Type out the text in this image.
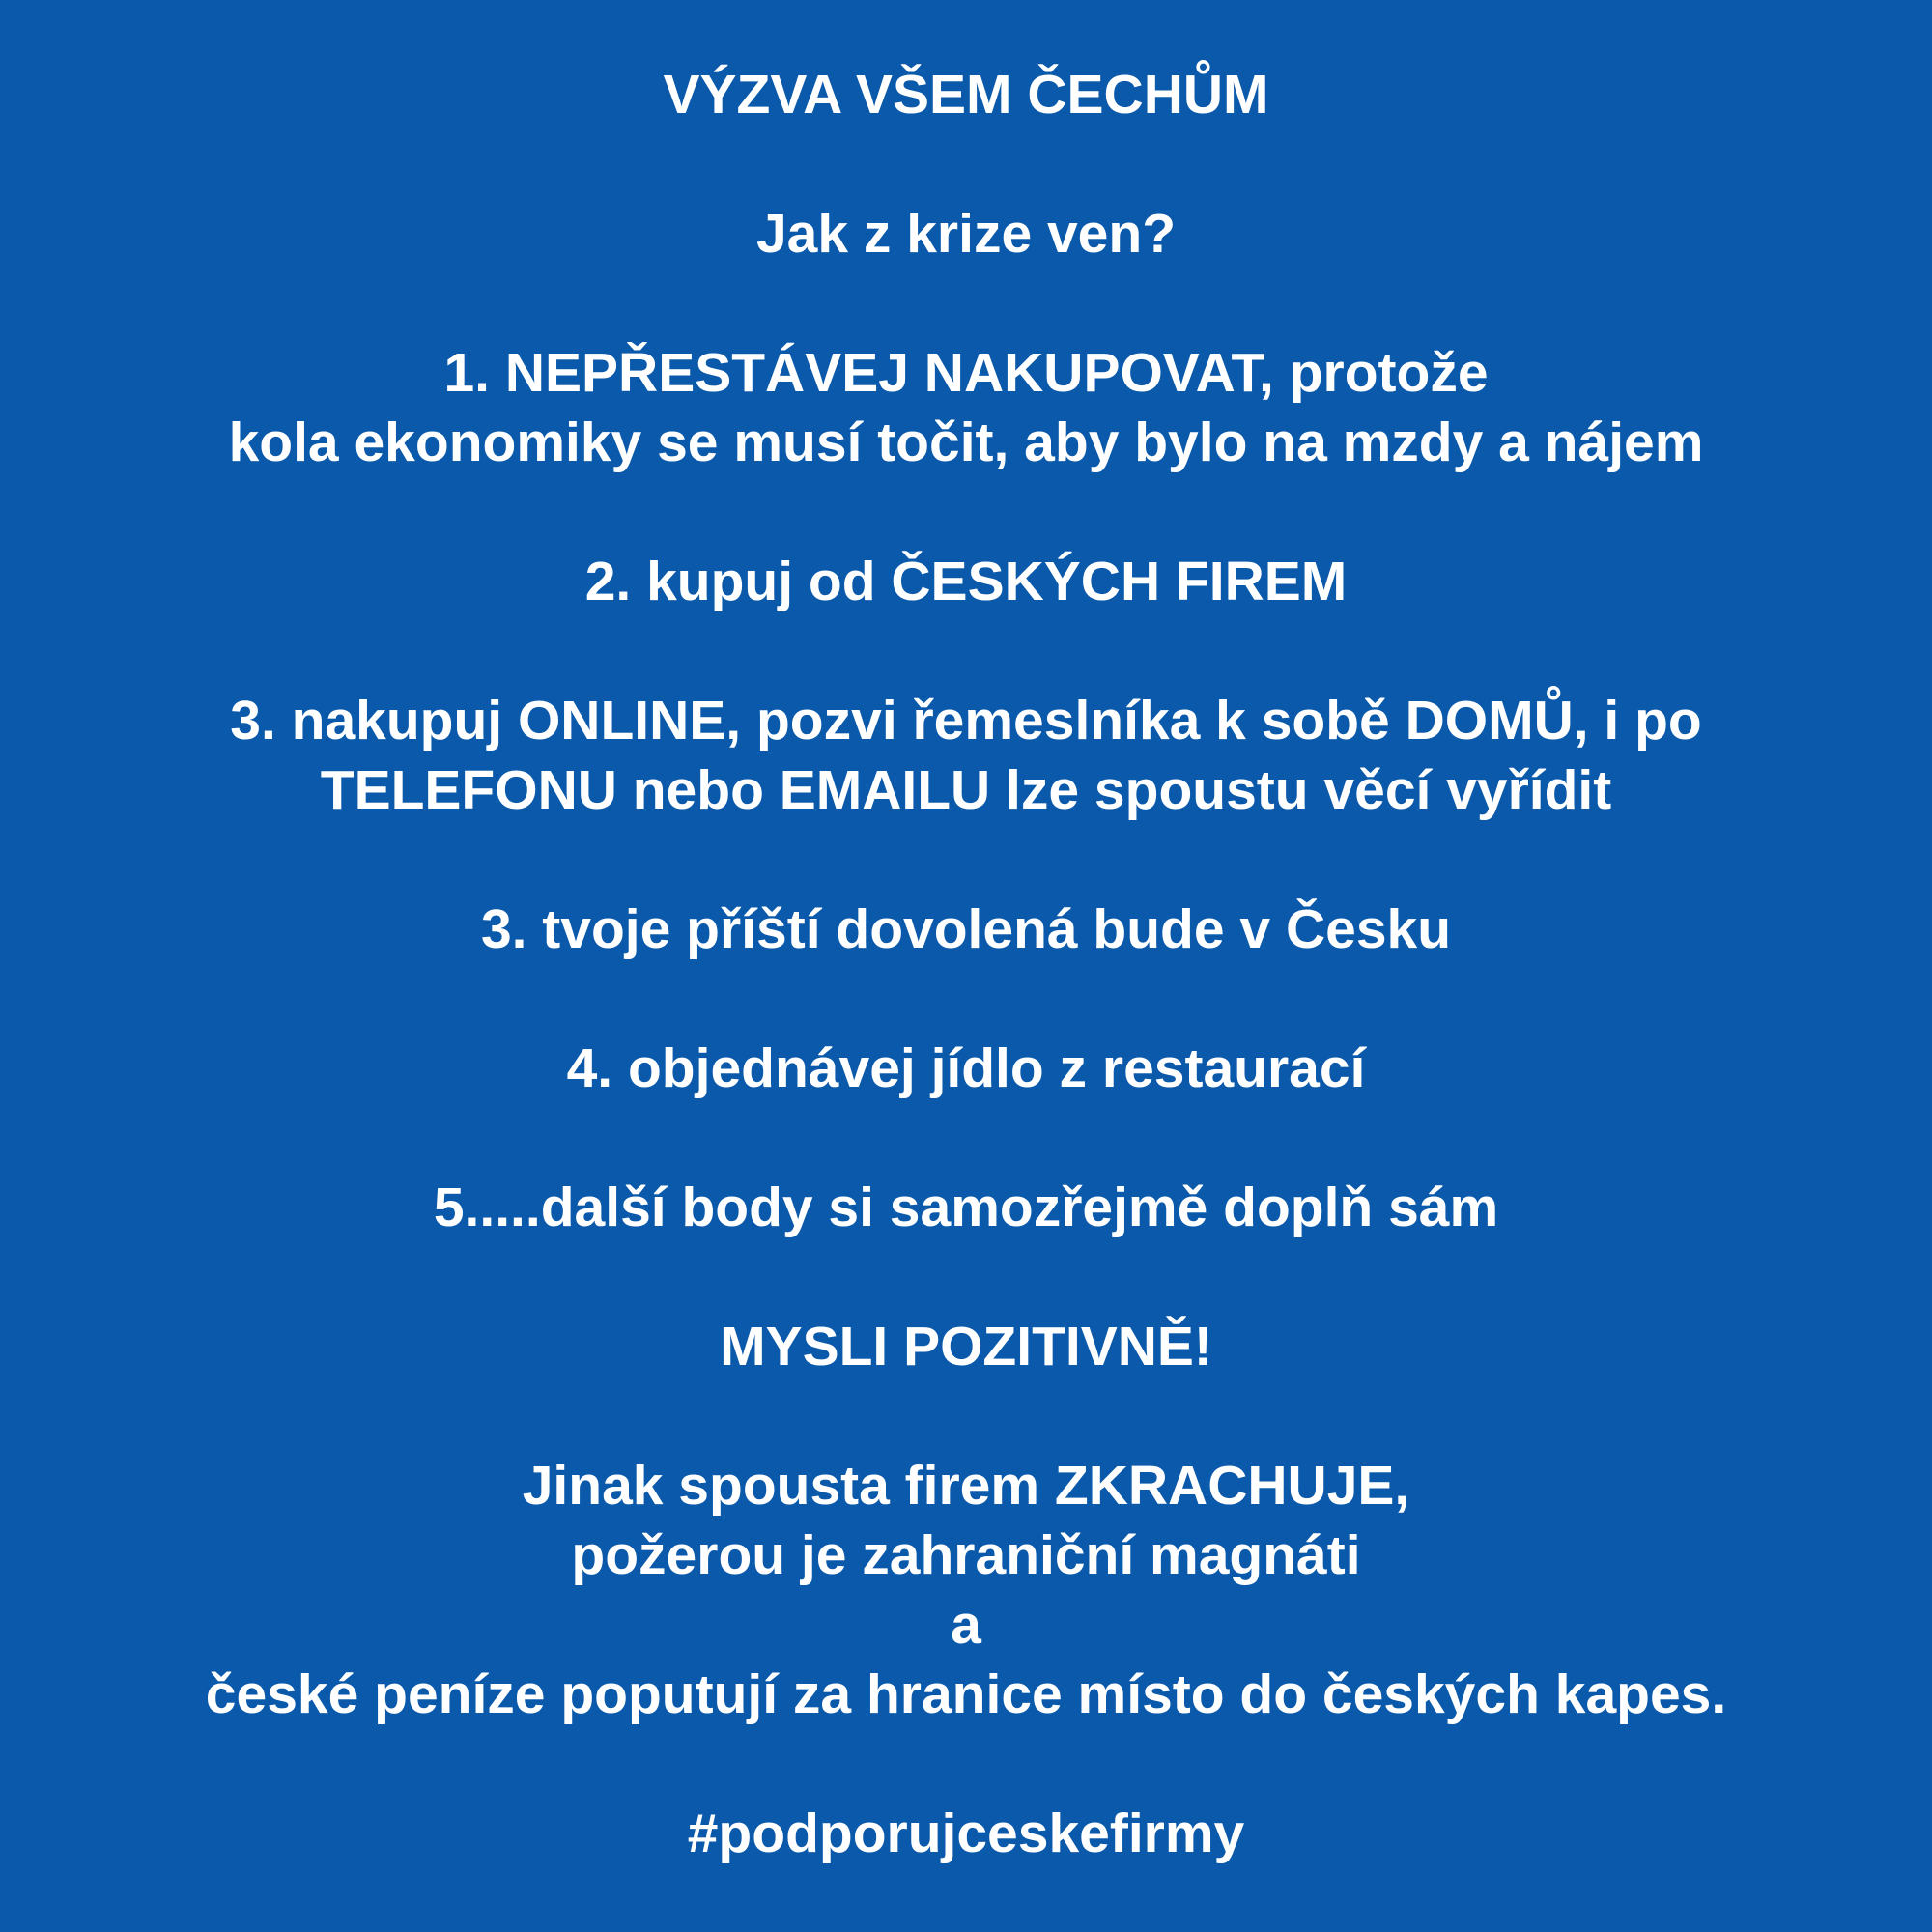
VÝZVA VŠEM ČECHŮM
Jak z krize ven?
1. NEPŘESTÁVEJ NAKUPOVAT, protože
kola ekonomiky se musí točit, aby bylo na mzdy a nájem
2. kupuj od ČESKÝCH FIREM
3. nakupuj ONLINE, pozvi řemeslníka k sobě DOMŮ, i po
TELEFONU nebo EMAILU lze spoustu věcí vyřídit
3. tvoje příští dovolená bude v Česku
4. objednávej jídlo z restaurací
5.....další body si samozřejmě doplň sám
MYSLI POZITIVNĚ!
Jinak spousta firem ZKRACHUJE,
požerou je zahraniční magnáti
a
české peníze poputují za hranice místo do českých kapes.
#podporujceskefirmy
